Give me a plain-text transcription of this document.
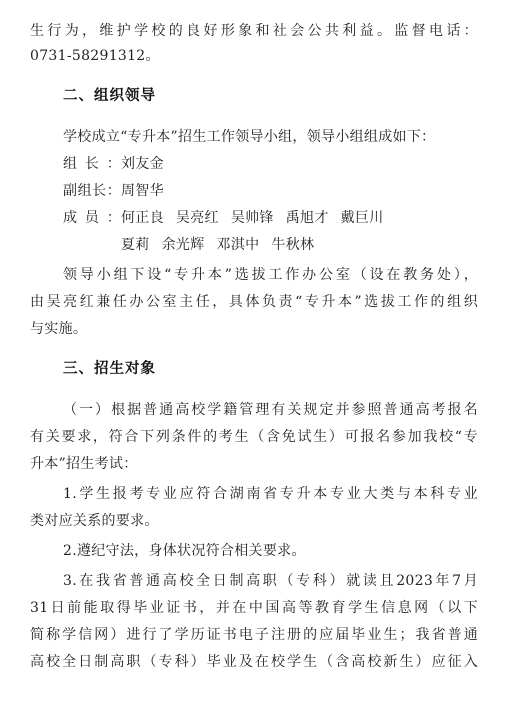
生行为，维护学校的良好形象和社会公共利益。监督电话：
0731-58291312。
二、组织领导
学校成立“专升本”招生工作领导小组，领导小组组成如下：
组长：刘友金
副组长：周智华
成员：何正良 吴亮红 吴帅锋 禹旭才 戴巨川
夏莉 余光辉 邓淇中 牛秋林
领导小组下设“专升本”选拔工作办公室（设在教务处），
由吴亮红兼任办公室主任，具体负责“专升本”选拔工作的组织
与实施。
三、招生对象
（一）根据普通高校学籍管理有关规定并参照普通高考报名
有关要求，符合下列条件的考生（含免试生）可报名参加我校“专
升本”招生考试：
1.学生报考专业应符合湖南省专升本专业大类与本科专业
类对应关系的要求。
2.遵纪守法，身体状况符合相关要求。
3.在我省普通高校全日制高职（专科）就读且2023年7月
31日前能取得毕业证书，并在中国高等教育学生信息网（以下
简称学信网）进行了学历证书电子注册的应届毕业生；我省普通
高校全日制高职（专科）毕业及在校学生（含高校新生）应征入
